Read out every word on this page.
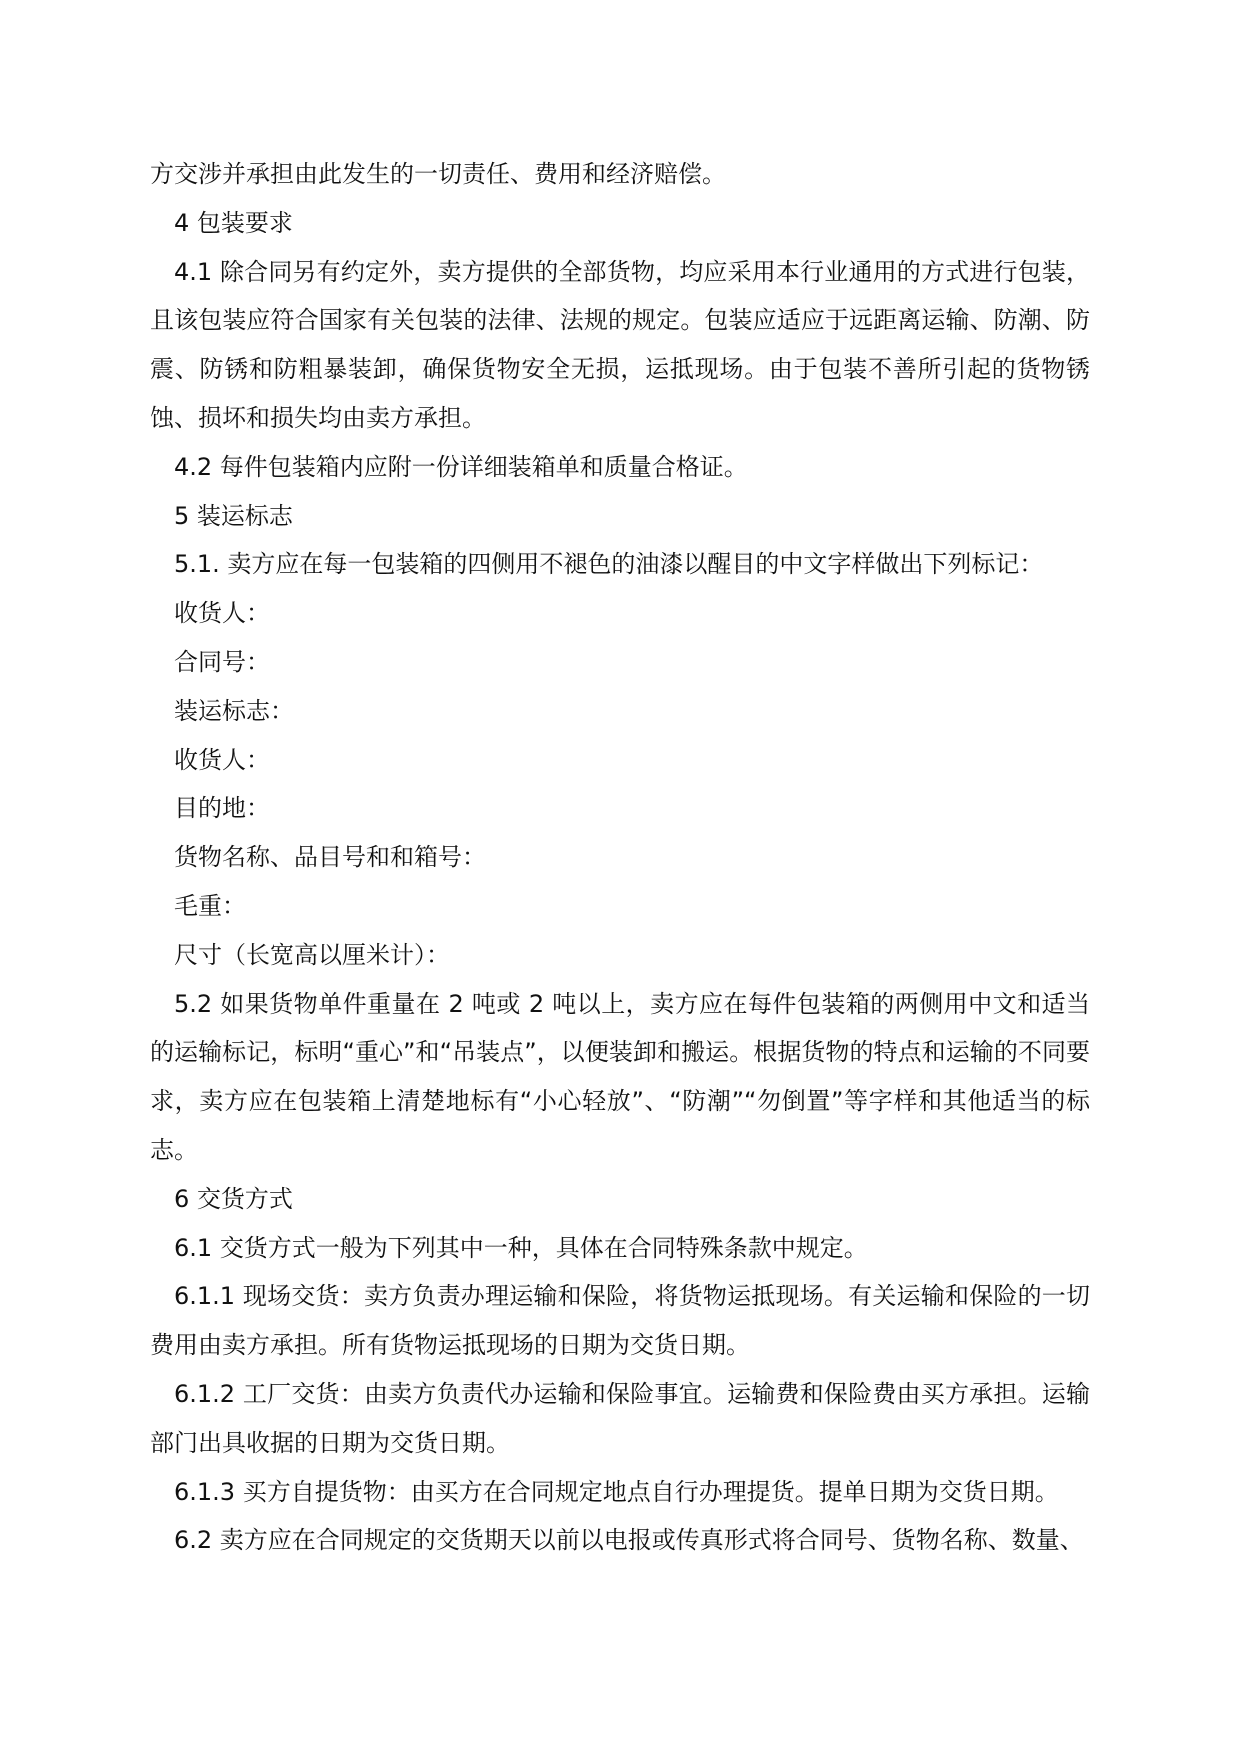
方交涉并承担由此发生的一切责任、费用和经济赔偿。

4 包装要求

4.1 除合同另有约定外，卖方提供的全部货物，均应采用本行业通用的方式进行包装，且该包装应符合国家有关包装的法律、法规的规定。包装应适应于远距离运输、防潮、防震、防锈和防粗暴装卸，确保货物安全无损，运抵现场。由于包装不善所引起的货物锈蚀、损坏和损失均由卖方承担。

4.2 每件包装箱内应附一份详细装箱单和质量合格证。

5 装运标志

5.1. 卖方应在每一包装箱的四侧用不褪色的油漆以醒目的中文字样做出下列标记：

收货人：

合同号：

装运标志：

收货人：

目的地：

货物名称、品目号和和箱号：

毛重：

尺寸（长宽高以厘米计）：

5.2 如果货物单件重量在 2 吨或 2 吨以上，卖方应在每件包装箱的两侧用中文和适当的运输标记，标明“重心”和“吊装点”，以便装卸和搬运。根据货物的特点和运输的不同要求，卖方应在包装箱上清楚地标有“小心轻放”、“防潮”“勿倒置”等字样和其他适当的标志。

6 交货方式

6.1 交货方式一般为下列其中一种，具体在合同特殊条款中规定。

6.1.1 现场交货：卖方负责办理运输和保险，将货物运抵现场。有关运输和保险的一切费用由卖方承担。所有货物运抵现场的日期为交货日期。

6.1.2 工厂交货：由卖方负责代办运输和保险事宜。运输费和保险费由买方承担。运输部门出具收据的日期为交货日期。

6.1.3 买方自提货物：由买方在合同规定地点自行办理提货。提单日期为交货日期。

6.2 卖方应在合同规定的交货期天以前以电报或传真形式将合同号、货物名称、数量、
